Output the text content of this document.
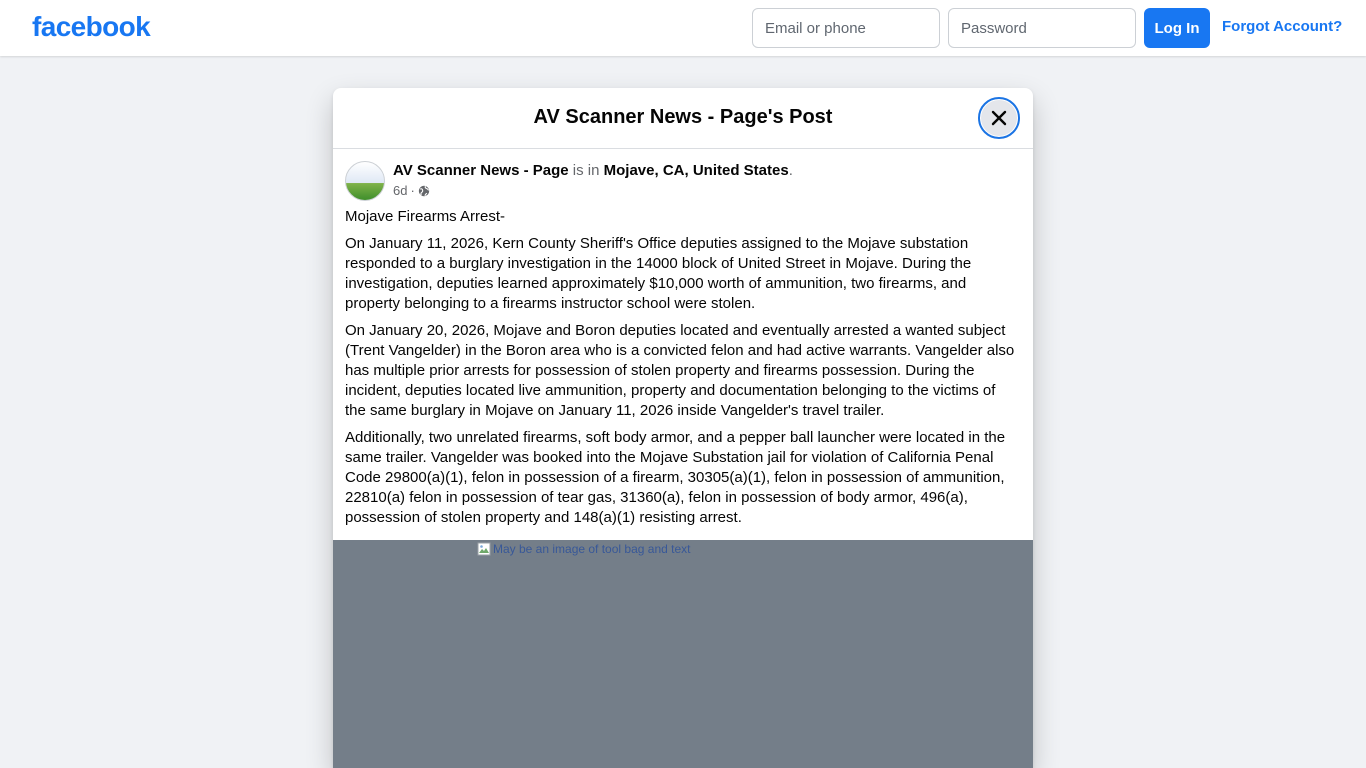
facebook
Email or phone	Log In	Forgot Account?
AV Scanner News - Page's Post
AV Scanner News - Page is in Mojave, CA, United States.
6d ·

Mojave Firearms Arrest-

On January 11, 2026, Kern County Sheriff's Office deputies assigned to the Mojave substation responded to a burglary investigation in the 14000 block of United Street in Mojave. During the investigation, deputies learned approximately $10,000 worth of ammunition, two firearms, and property belonging to a firearms instructor school were stolen.

On January 20, 2026, Mojave and Boron deputies located and eventually arrested a wanted subject (Trent Vangelder) in the Boron area who is a convicted felon and had active warrants. Vangelder also has multiple prior arrests for possession of stolen property and firearms possession. During the incident, deputies located live ammunition, property and documentation belonging to the victims of the same burglary in Mojave on January 11, 2026 inside Vangelder's travel trailer.

Additionally, two unrelated firearms, soft body armor, and a pepper ball launcher were located in the same trailer. Vangelder was booked into the Mojave Substation jail for violation of California Penal Code 29800(a)(1), felon in possession of a firearm, 30305(a)(1), felon in possession of ammunition, 22810(a) felon in possession of tear gas, 31360(a), felon in possession of body armor, 496(a), possession of stolen property and 148(a)(1) resisting arrest.

May be an image of tool bag and text
